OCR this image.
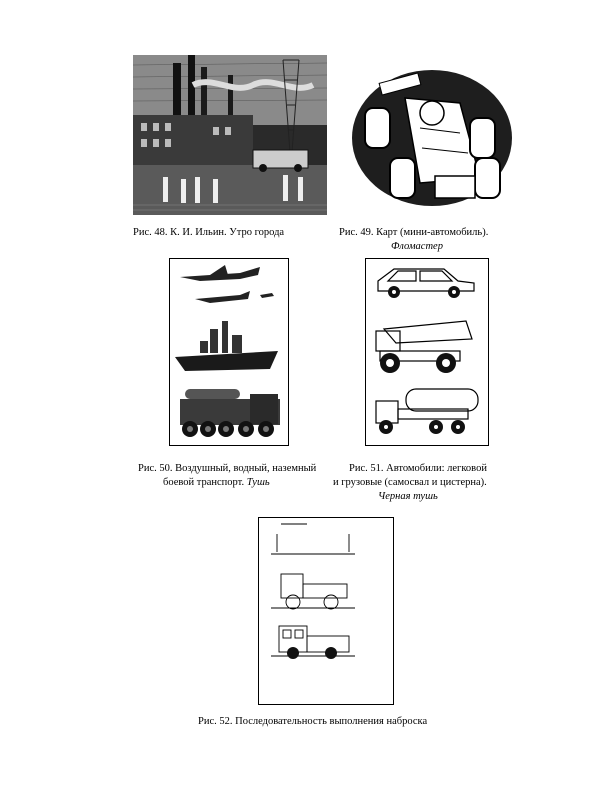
Рис. 48. К. И. Ильин. Утро города	Рис. 49. Карт (мини-автомобиль).
Фломастер
Рис. 50. Воздушный, водный, наземный
боевой транспорт. Тушь
Рис. 51. Автомобили: легковой
и грузовые (самосвал и цистерна).
Черная тушь
Рис. 52. Последовательность выполнения наброска
